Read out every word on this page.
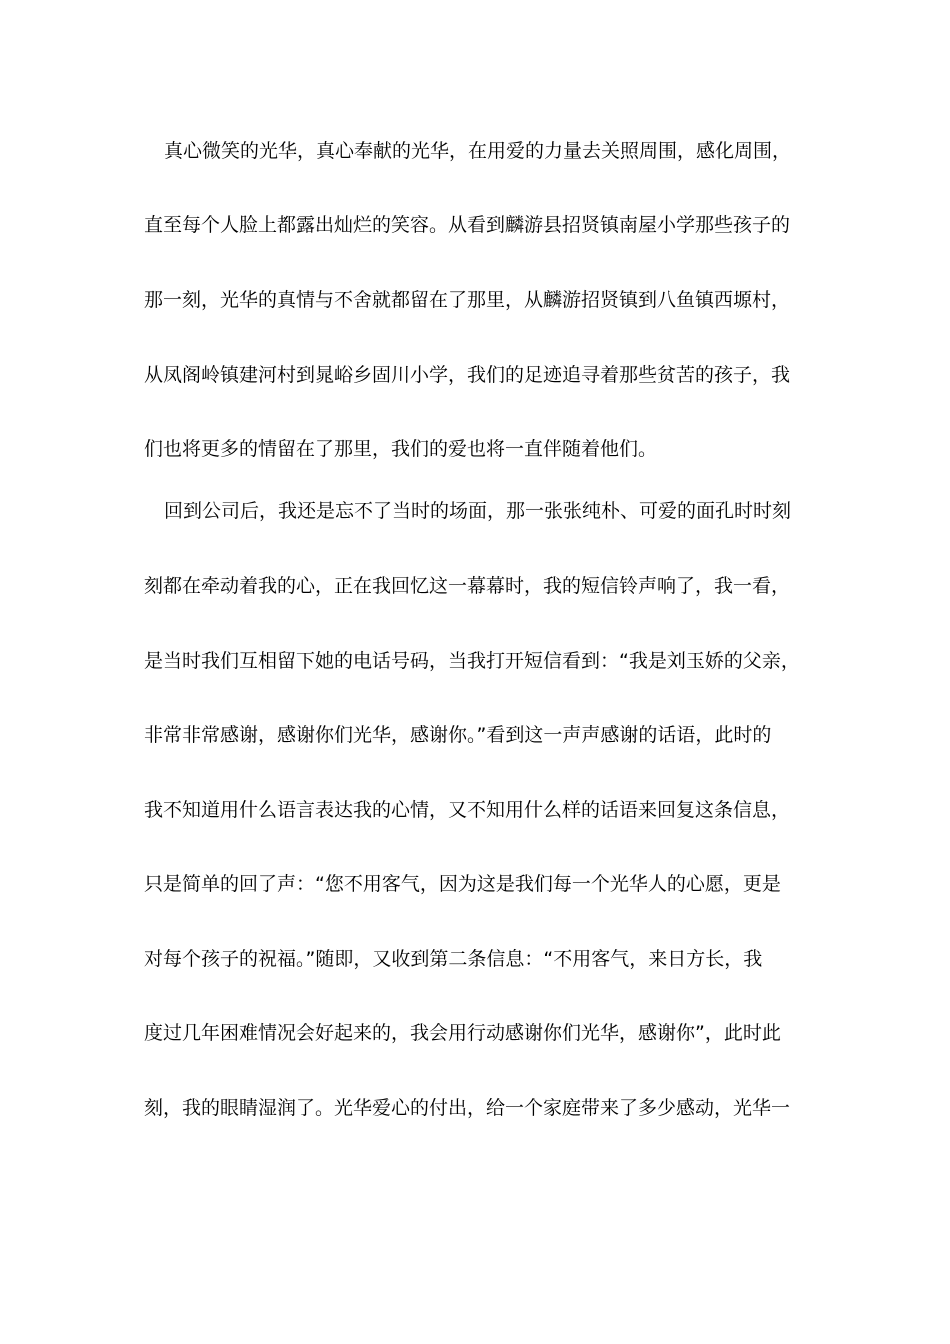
真心微笑的光华，真心奉献的光华，在用爱的力量去关照周围，感化周围，
直至每个人脸上都露出灿烂的笑容。从看到麟游县招贤镇南屋小学那些孩子的
那一刻，光华的真情与不舍就都留在了那里，从麟游招贤镇到八鱼镇西塬村，
从凤阁岭镇建河村到晁峪乡固川小学，我们的足迹追寻着那些贫苦的孩子，我
们也将更多的情留在了那里，我们的爱也将一直伴随着他们。
回到公司后，我还是忘不了当时的场面，那一张张纯朴、可爱的面孔时时刻
刻都在牵动着我的心，正在我回忆这一幕幕时，我的短信铃声响了，我一看，
是当时我们互相留下她的电话号码，当我打开短信看到：“我是刘玉娇的父亲，
非常非常感谢，感谢你们光华，感谢你。”看到这一声声感谢的话语，此时的
我不知道用什么语言表达我的心情，又不知用什么样的话语来回复这条信息，
只是简单的回了声：“您不用客气，因为这是我们每一个光华人的心愿，更是
对每个孩子的祝福。”随即，又收到第二条信息：“不用客气，来日方长，我
度过几年困难情况会好起来的，我会用行动感谢你们光华，感谢你”，此时此
刻，我的眼睛湿润了。光华爱心的付出，给一个家庭带来了多少感动，光华一
